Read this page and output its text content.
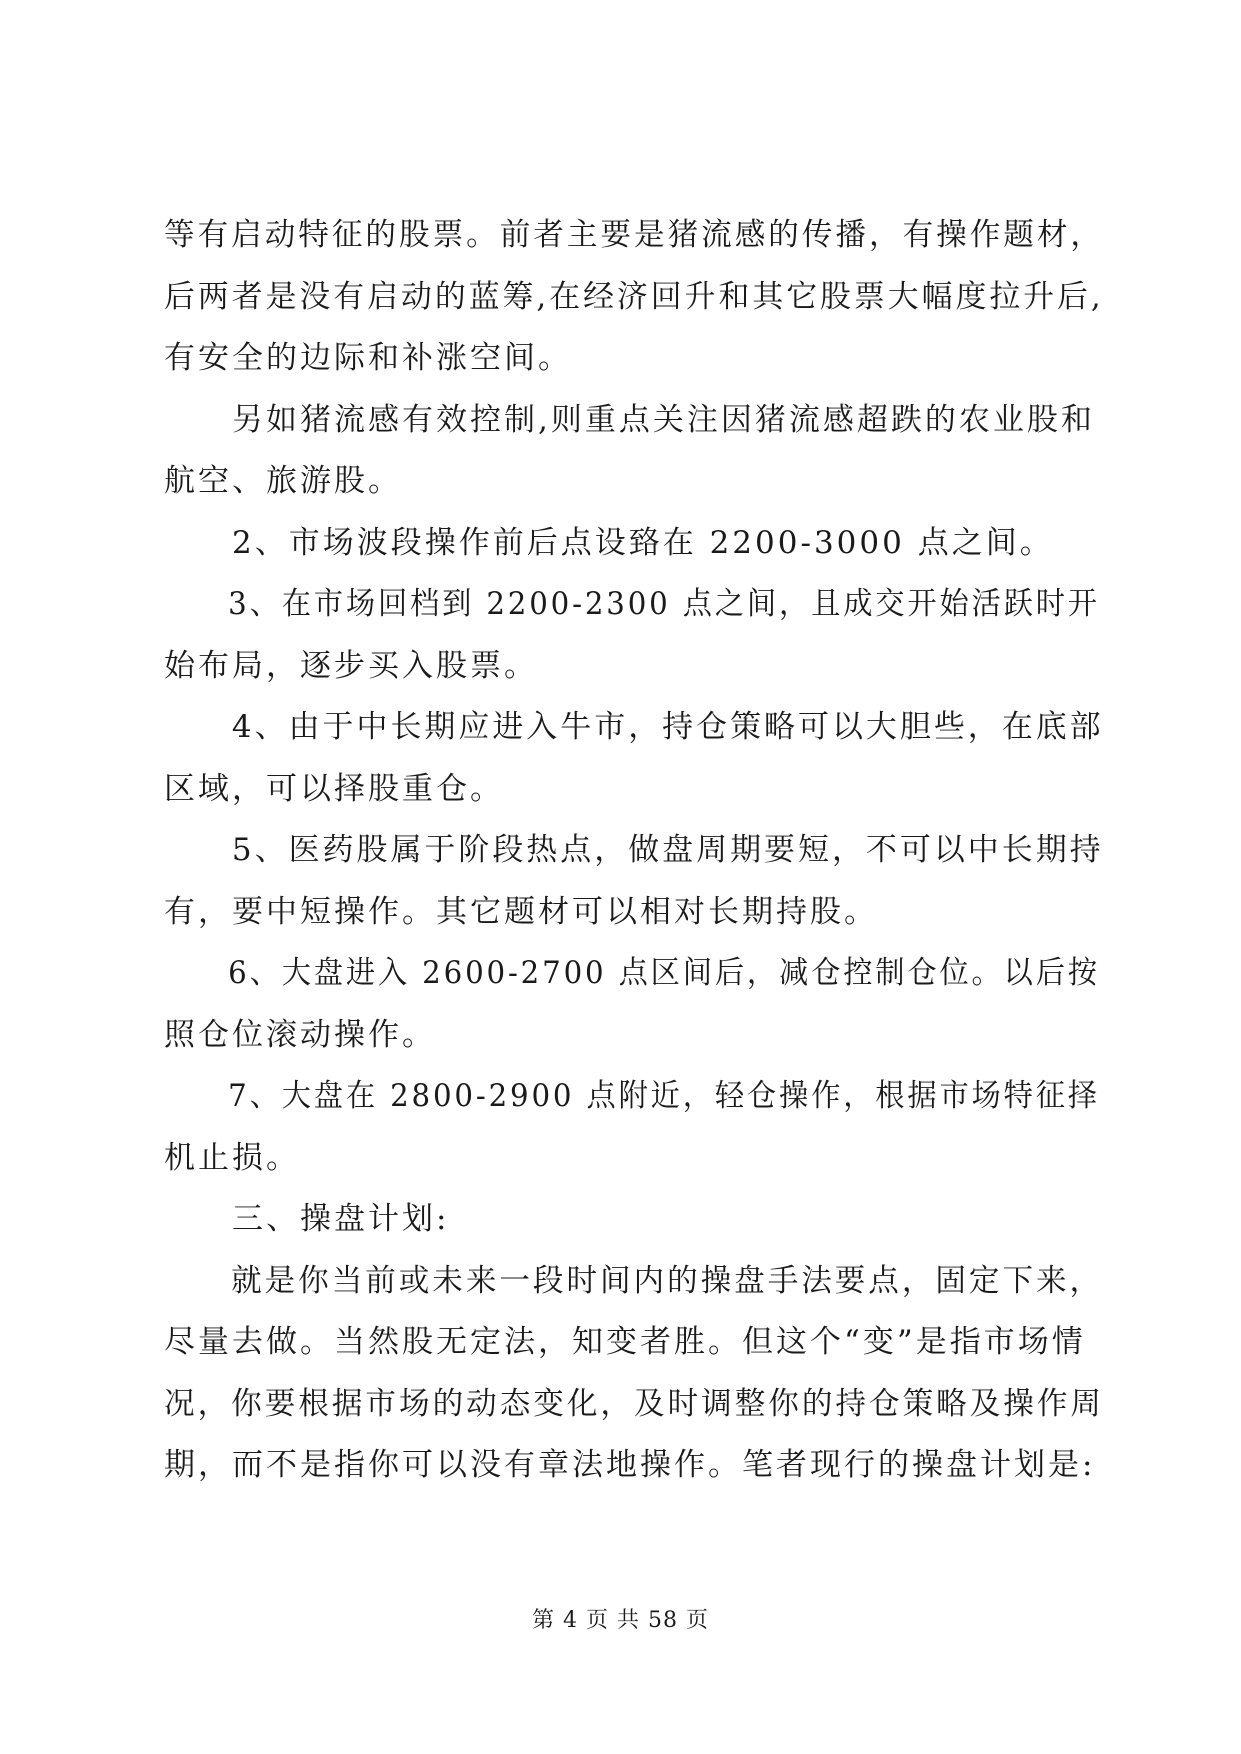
等有启动特征的股票。前者主要是猪流感的传播，有操作题材，
后两者是没有启动的蓝筹,在经济回升和其它股票大幅度拉升后,
有安全的边际和补涨空间。
另如猪流感有效控制,则重点关注因猪流感超跌的农业股和
航空、旅游股。
2、市场波段操作前后点设臵在 2200-3000 点之间。
3、在市场回档到 2200-2300 点之间，且成交开始活跃时开
始布局，逐步买入股票。
4、由于中长期应进入牛市，持仓策略可以大胆些，在底部
区域，可以择股重仓。
5、医药股属于阶段热点，做盘周期要短，不可以中长期持
有，要中短操作。其它题材可以相对长期持股。
6、大盘进入 2600-2700 点区间后，减仓控制仓位。以后按
照仓位滚动操作。
7、大盘在 2800-2900 点附近，轻仓操作，根据市场特征择
机止损。
三、操盘计划:
就是你当前或未来一段时间内的操盘手法要点，固定下来，
尽量去做。当然股无定法，知变者胜。但这个“变”是指市场情
况，你要根据市场的动态变化，及时调整你的持仓策略及操作周
期，而不是指你可以没有章法地操作。笔者现行的操盘计划是:
第 4 页 共 58 页
